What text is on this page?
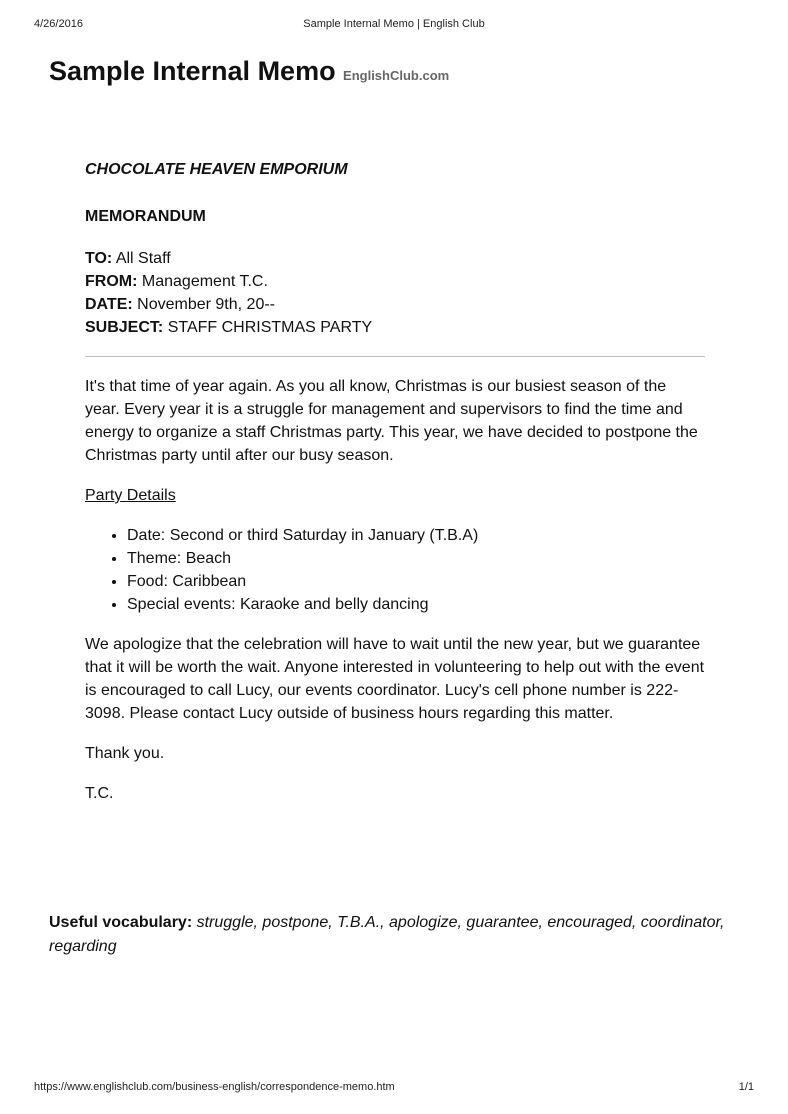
4/26/2016	Sample Internal Memo | English Club
Sample Internal Memo EnglishClub.com
CHOCOLATE HEAVEN EMPORIUM
MEMORANDUM
TO: All Staff
FROM: Management T.C.
DATE: November 9th, 20--
SUBJECT: STAFF CHRISTMAS PARTY

It's that time of year again. As you all know, Christmas is our busiest season of the year. Every year it is a struggle for management and supervisors to find the time and energy to organize a staff Christmas party. This year, we have decided to postpone the Christmas party until after our busy season.

Party Details

• Date: Second or third Saturday in January (T.B.A)
• Theme: Beach
• Food: Caribbean
• Special events: Karaoke and belly dancing

We apologize that the celebration will have to wait until the new year, but we guarantee that it will be worth the wait. Anyone interested in volunteering to help out with the event is encouraged to call Lucy, our events coordinator. Lucy's cell phone number is 222-3098. Please contact Lucy outside of business hours regarding this matter.

Thank you.

T.C.

Useful vocabulary: struggle, postpone, T.B.A., apologize, guarantee, encouraged, coordinator, regarding
https://www.englishclub.com/business-english/correspondence-memo.htm	1/1
